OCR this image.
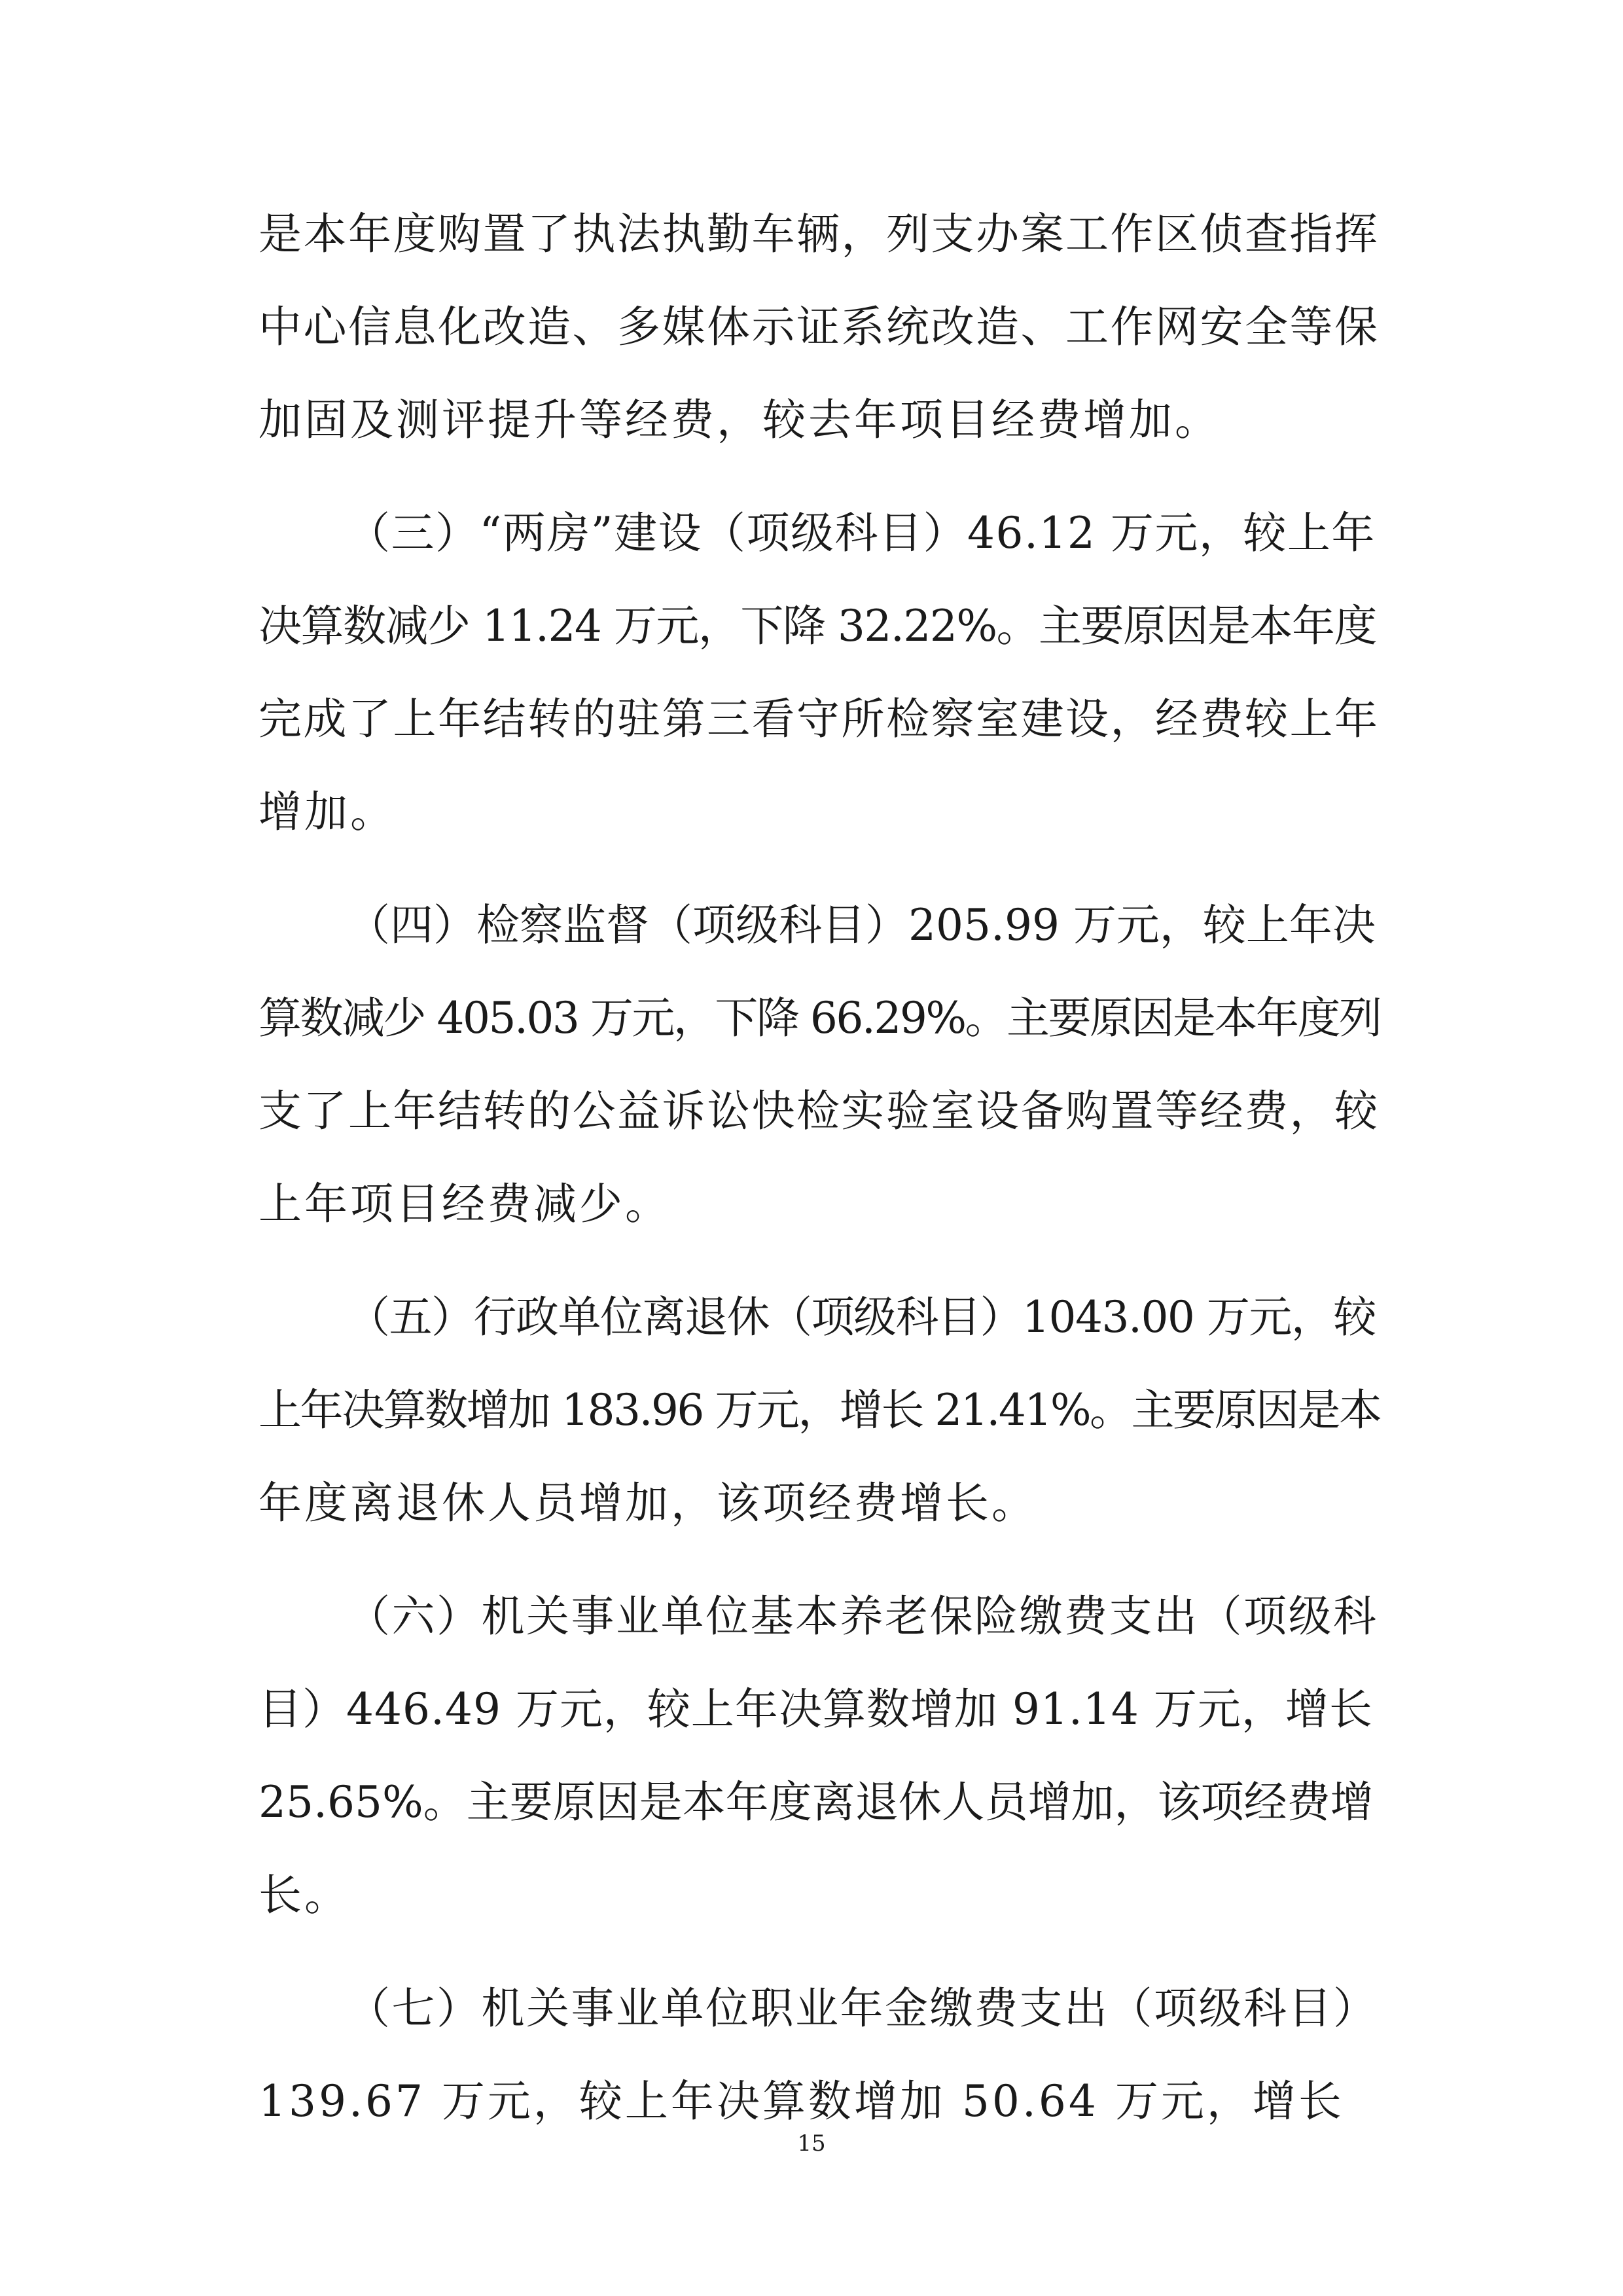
是本年度购置了执法执勤车辆，列支办案工作区侦查指挥
中心信息化改造、多媒体示证系统改造、工作网安全等保
加固及测评提升等经费，较去年项目经费增加。
（三）“两房”建设（项级科目）46.12 万元，较上年
决算数减少 11.24 万元，下降 32.22%。主要原因是本年度
完成了上年结转的驻第三看守所检察室建设，经费较上年
增加。
（四）检察监督（项级科目）205.99 万元，较上年决
算数减少 405.03 万元，下降 66.29%。主要原因是本年度列
支了上年结转的公益诉讼快检实验室设备购置等经费，较
上年项目经费减少。
（五）行政单位离退休（项级科目）1043.00 万元，较
上年决算数增加 183.96 万元，增长 21.41%。主要原因是本
年度离退休人员增加，该项经费增长。
（六）机关事业单位基本养老保险缴费支出（项级科
目）446.49 万元，较上年决算数增加 91.14 万元，增长
25.65%。主要原因是本年度离退休人员增加，该项经费增
长。
（七）机关事业单位职业年金缴费支出（项级科目）
139.67 万元，较上年决算数增加 50.64 万元，增长
15
